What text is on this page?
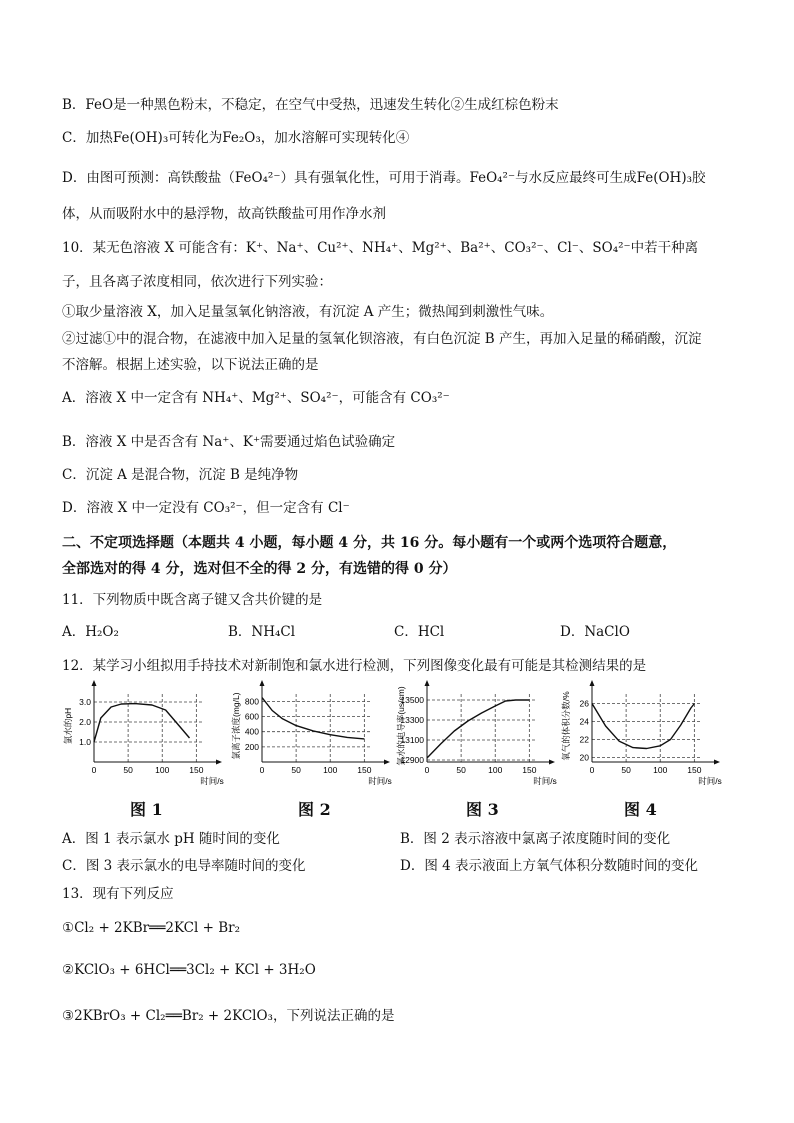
B．FeO是一种黑色粉末，不稳定，在空气中受热，迅速发生转化②生成红棕色粉末
C．加热Fe(OH)₃可转化为Fe₂O₃，加水溶解可实现转化④
D．由图可预测：高铁酸盐（FeO₄²⁻）具有强氧化性，可用于消毒。FeO₄²⁻与水反应最终可生成Fe(OH)₃胶
体，从而吸附水中的悬浮物，故高铁酸盐可用作净水剂
10．某无色溶液 X 可能含有：K⁺、Na⁺、Cu²⁺、NH₄⁺、Mg²⁺、Ba²⁺、CO₃²⁻、Cl⁻、SO₄²⁻中若干种离
子，且各离子浓度相同，依次进行下列实验：
①取少量溶液 X，加入足量氢氧化钠溶液，有沉淀 A 产生；微热闻到刺激性气味。
②过滤①中的混合物，在滤液中加入足量的氢氧化钡溶液，有白色沉淀 B 产生，再加入足量的稀硝酸，沉淀
不溶解。根据上述实验，以下说法正确的是
A．溶液 X 中一定含有 NH₄⁺、Mg²⁺、SO₄²⁻，可能含有 CO₃²⁻
B．溶液 X 中是否含有 Na⁺、K⁺需要通过焰色试验确定
C．沉淀 A 是混合物，沉淀 B 是纯净物
D．溶液 X 中一定没有 CO₃²⁻，但一定含有 Cl⁻
二、不定项选择题（本题共 4 小题，每小题 4 分，共 16 分。每小题有一个或两个选项符合题意，
全部选对的得 4 分，选对但不全的得 2 分，有选错的得 0 分）
11．下列物质中既含离子键又含共价键的是
A．H₂O₂	B．NH₄Cl	C．HCl	D．NaClO
12．某学习小组拟用手持技术对新制饱和氯水进行检测，下列图像变化最有可能是其检测结果的是
1.0
2.0
3.0
0	50	100 150
时间/s
氯水的pH
200
400
600
800
0	50	100 150
时间/s
氯离子浓度(mg/L)
12900
13100
13300
13500
0	50	100 150
时间/s
氯水的电导率(us/cm)	20
22
24
26
0	50	100 150
时间/s
氧气的体积分数/%
图 1	图 2	图 3	图 4
A．图 1 表示氯水 pH 随时间的变化	B．图 2 表示溶液中氯离子浓度随时间的变化
C．图 3 表示氯水的电导率随时间的变化	D．图 4 表示液面上方氧气体积分数随时间的变化
13．现有下列反应
①Cl₂ + 2KBr══2KCl + Br₂
②KClO₃ + 6HCl══3Cl₂ + KCl + 3H₂O
③2KBrO₃ + Cl₂══Br₂ + 2KClO₃，下列说法正确的是
